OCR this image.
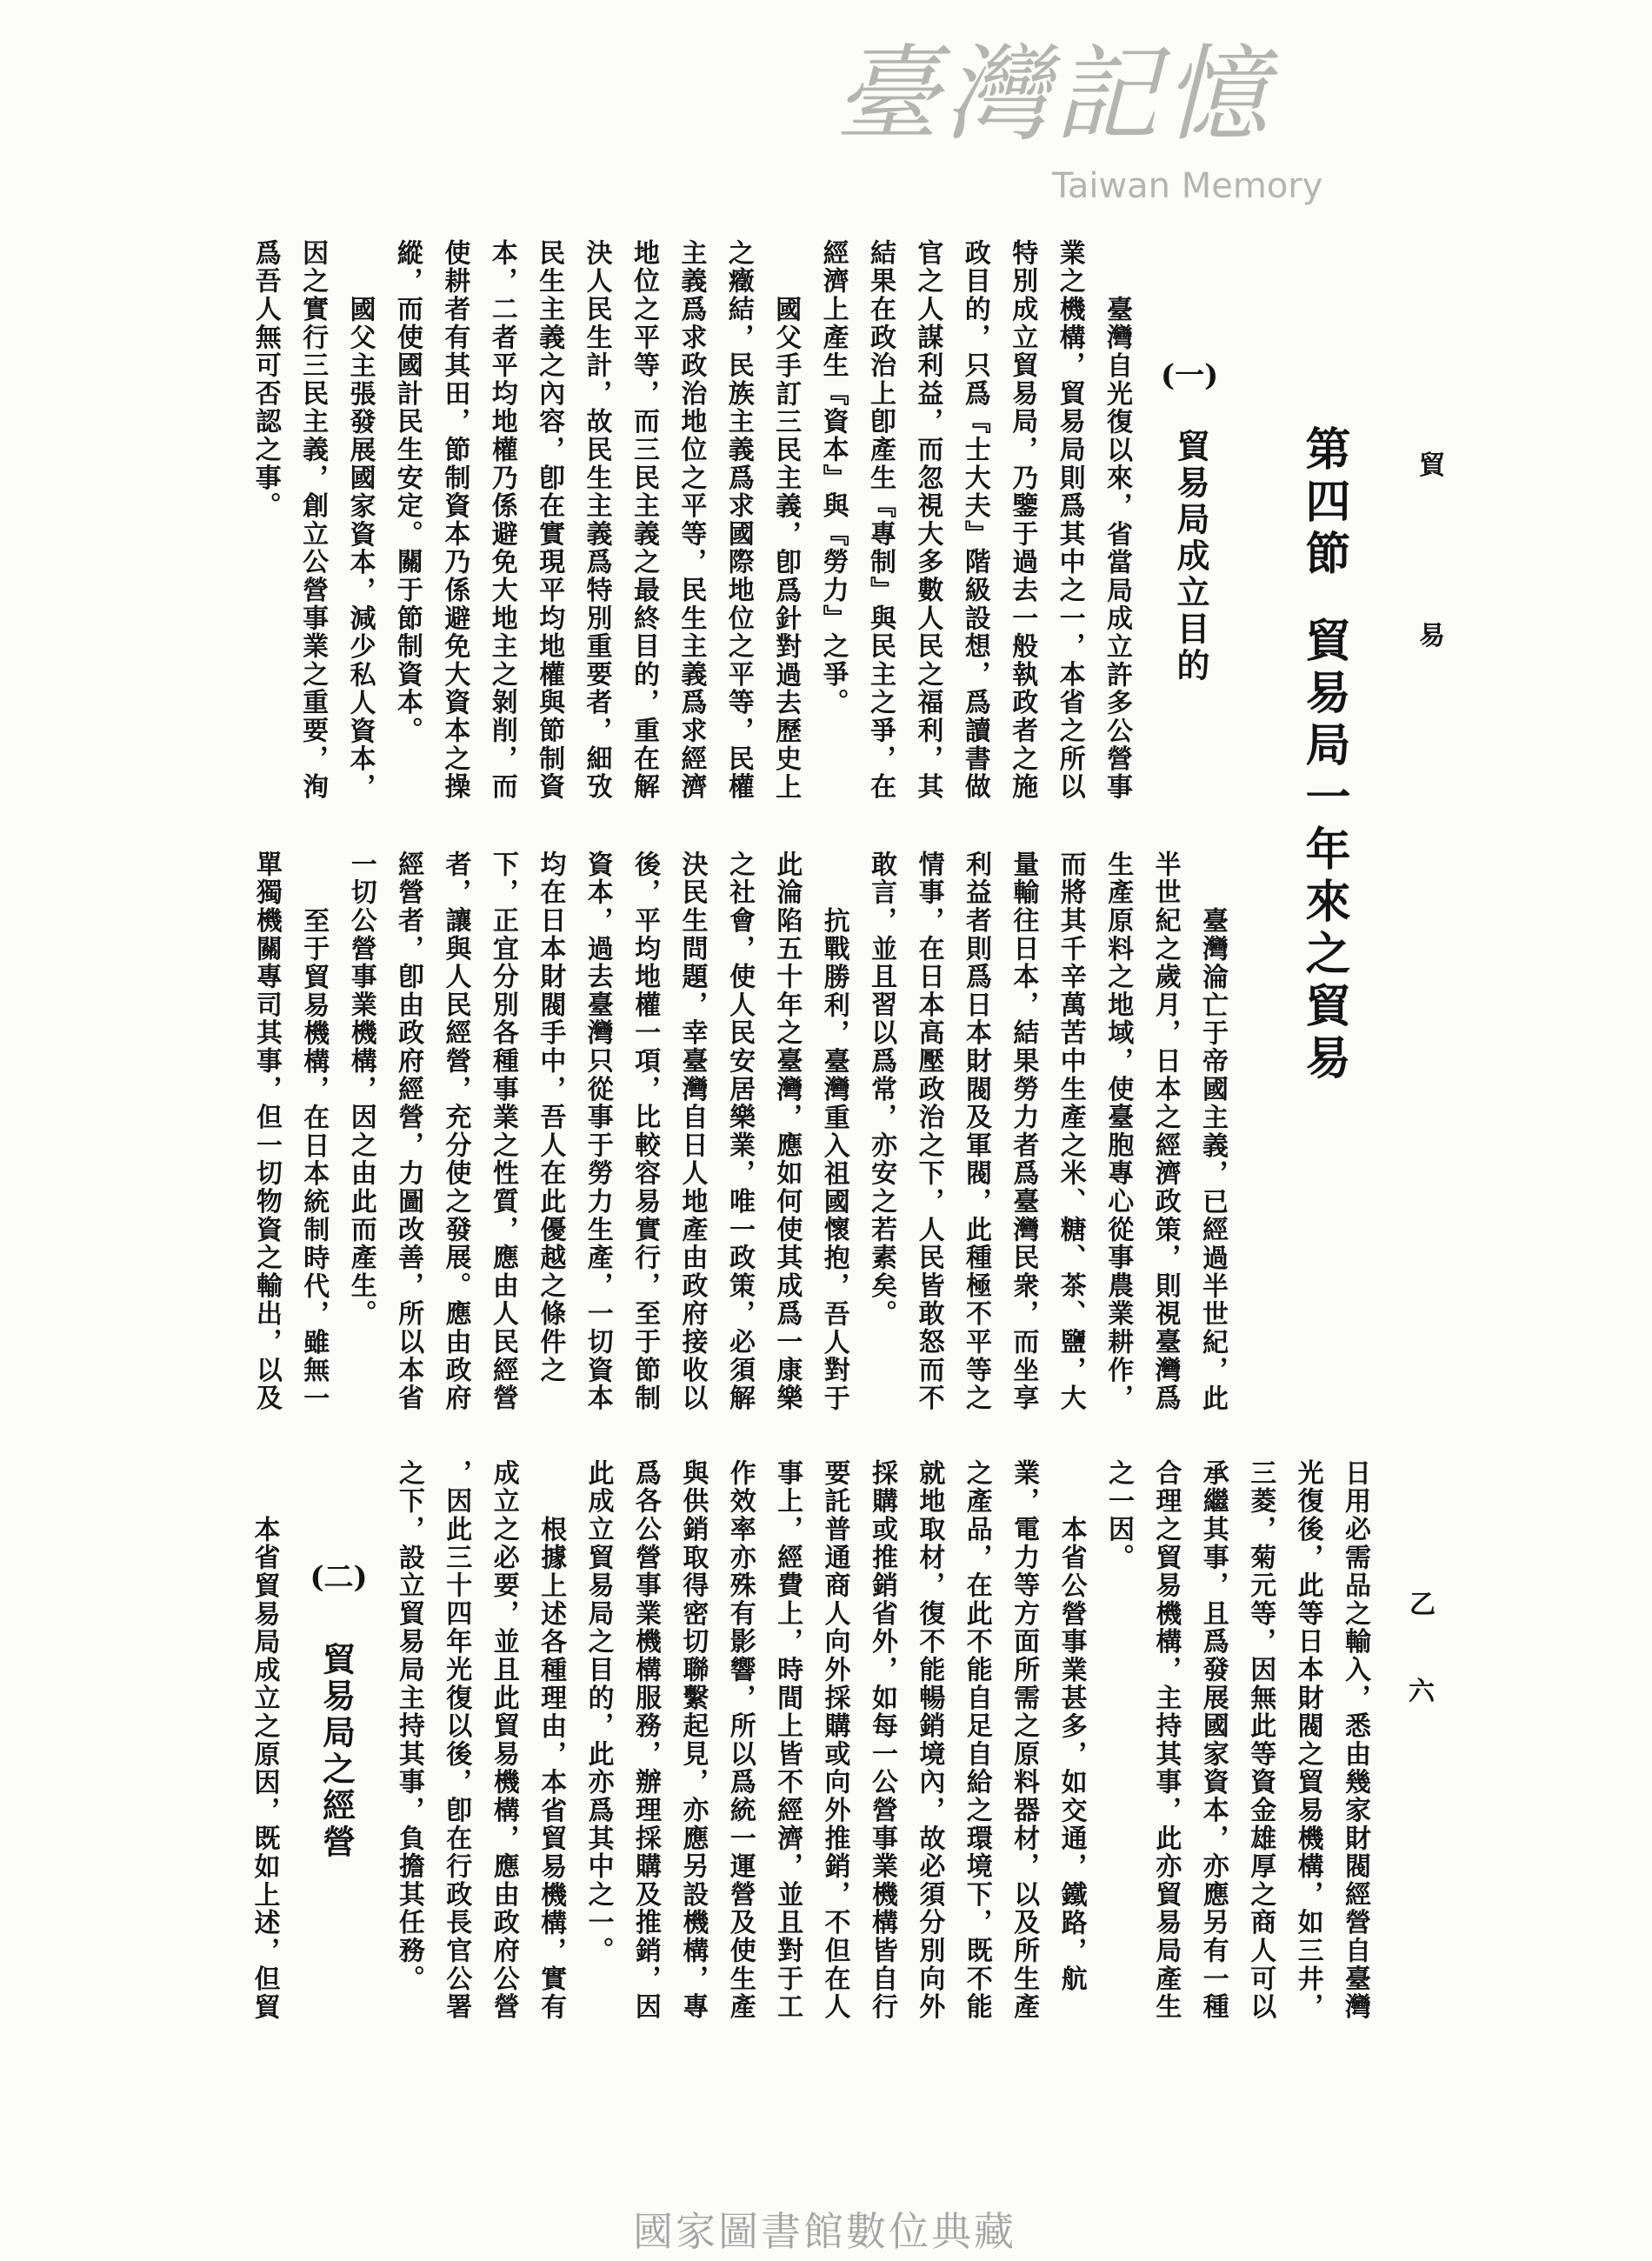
貿
易
乙
六
第四節貿易局一年來之貿易
(一)
貿易局成立目的
臺灣自光復以來，省當局成立許多公營事
業之機構，貿易局則爲其中之一，本省之所以
特別成立貿易局，乃鑒于過去一般執政者之施
政目的，只爲『士大夫』階級設想，爲讀書做
官之人謀利益，而忽視大多數人民之福利，其
結果在政治上卽產生『專制』與民主之爭，在
經濟上產生『資本』與『勞力』之爭。
國父手訂三民主義，卽爲針對過去歷史上
之癥結，民族主義爲求國際地位之平等，民權
主義爲求政治地位之平等，民生主義爲求經濟
地位之平等，而三民主義之最終目的，重在解
決人民生計，故民生主義爲特別重要者，細攷
民生主義之內容，卽在實現平均地權與節制資
本，二者平均地權乃係避免大地主之剝削，而
使耕者有其田，節制資本乃係避免大資本之操
縱，而使國計民生安定。關于節制資本。
國父主張發展國家資本，減少私人資本，
因之實行三民主義，創立公營事業之重要，洵
爲吾人無可否認之事。
臺灣淪亡于帝國主義，已經過半世紀，此
半世紀之歲月，日本之經濟政策，則視臺灣爲
生產原料之地域，使臺胞專心從事農業耕作，
而將其千辛萬苦中生產之米、糖、茶、鹽，大
量輸往日本，結果勞力者爲臺灣民衆，而坐享
利益者則爲日本財閥及軍閥，此種極不平等之
情事，在日本高壓政治之下，人民皆敢怒而不
敢言，並且習以爲常，亦安之若素矣。
抗戰勝利，臺灣重入祖國懷抱，吾人對于
此淪陷五十年之臺灣，應如何使其成爲一康樂
之社會，使人民安居樂業，唯一政策，必須解
決民生問題，幸臺灣自日人地產由政府接收以
後，平均地權一項，比較容易實行，至于節制
資本，過去臺灣只從事于勞力生產，一切資本
均在日本財閥手中，吾人在此優越之條件之
下，正宜分別各種事業之性質，應由人民經營
者，讓與人民經營，充分使之發展。應由政府
經營者，卽由政府經營，力圖改善，所以本省
一切公營事業機構，因之由此而產生。
至于貿易機構，在日本統制時代，雖無一
單獨機關專司其事，但一切物資之輸出，以及
日用必需品之輸入，悉由幾家財閥經營自臺灣
光復後，此等日本財閥之貿易機構，如三井，
三菱，菊元等，因無此等資金雄厚之商人可以
承繼其事，且爲發展國家資本，亦應另有一種
合理之貿易機構，主持其事，此亦貿易局產生
之一因。
本省公營事業甚多，如交通，鐵路，航
業，電力等方面所需之原料器材，以及所生產
之產品，在此不能自足自給之環境下，既不能
就地取材，復不能暢銷境內，故必須分別向外
採購或推銷省外，如每一公營事業機構皆自行
要託普通商人向外採購或向外推銷，不但在人
事上，經費上，時間上皆不經濟，並且對于工
作效率亦殊有影響，所以爲統一運營及使生產
與供銷取得密切聯繫起見，亦應另設機構，專
爲各公營事業機構服務，辦理採購及推銷，因
此成立貿易局之目的，此亦爲其中之一。
根據上述各種理由，本省貿易機構，實有
成立之必要，並且此貿易機構，應由政府公營
，因此三十四年光復以後，卽在行政長官公署
之下，設立貿易局主持其事，負擔其任務。
(二)
貿易局之經營
本省貿易局成立之原因，既如上述，但貿
臺灣記憶
Taiwan Memory
國家圖書館數位典藏
